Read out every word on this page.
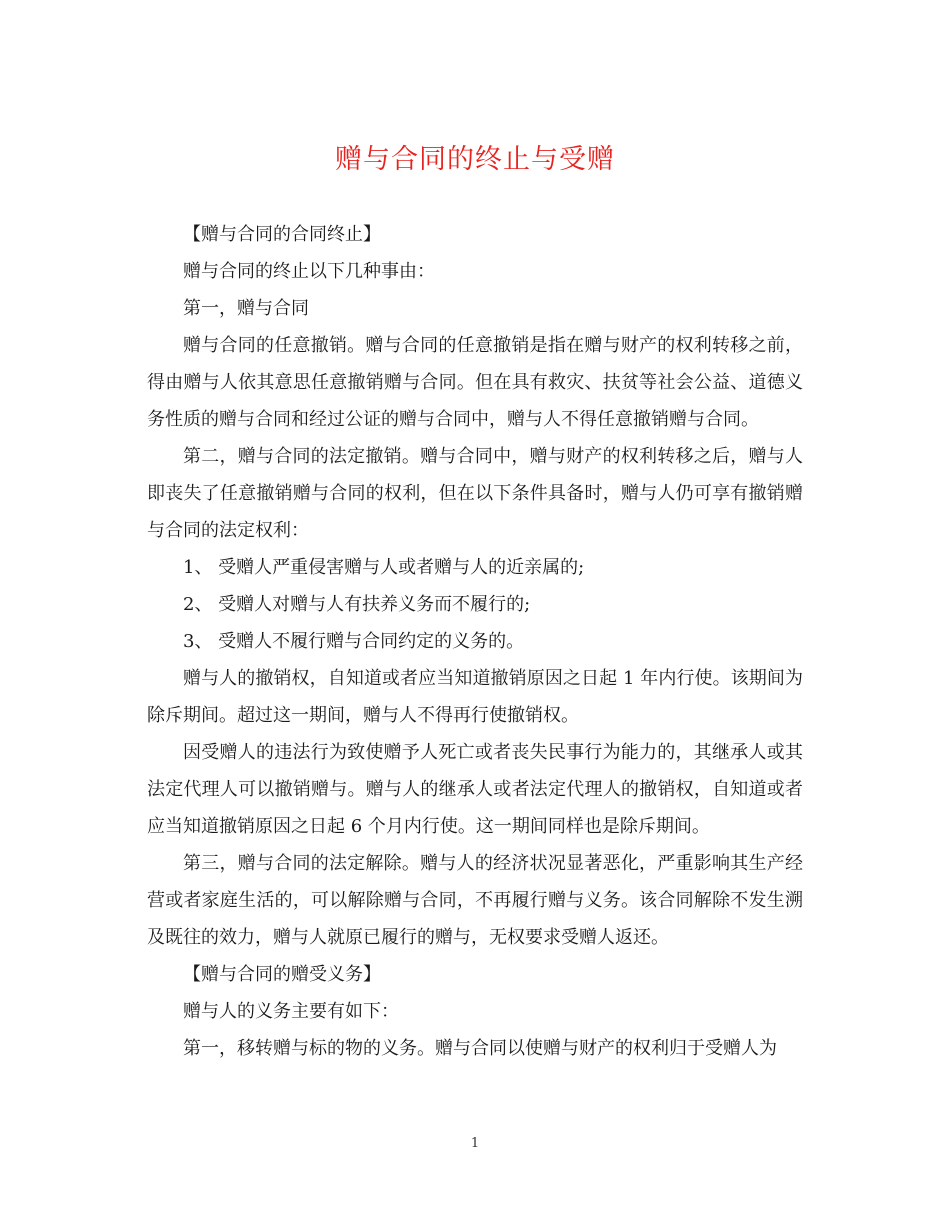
赠与合同的终止与受赠

【赠与合同的合同终止】

赠与合同的终止以下几种事由：

第一，赠与合同

赠与合同的任意撤销。赠与合同的任意撤销是指在赠与财产的权利转移之前，得由赠与人依其意思任意撤销赠与合同。但在具有救灾、扶贫等社会公益、道德义务性质的赠与合同和经过公证的赠与合同中，赠与人不得任意撤销赠与合同。

第二，赠与合同的法定撤销。赠与合同中，赠与财产的权利转移之后，赠与人即丧失了任意撤销赠与合同的权利，但在以下条件具备时，赠与人仍可享有撤销赠与合同的法定权利：

1、 受赠人严重侵害赠与人或者赠与人的近亲属的;

2、 受赠人对赠与人有扶养义务而不履行的;

3、 受赠人不履行赠与合同约定的义务的。

赠与人的撤销权，自知道或者应当知道撤销原因之日起 1 年内行使。该期间为除斥期间。超过这一期间，赠与人不得再行使撤销权。

因受赠人的违法行为致使赠予人死亡或者丧失民事行为能力的，其继承人或其法定代理人可以撤销赠与。赠与人的继承人或者法定代理人的撤销权，自知道或者应当知道撤销原因之日起 6 个月内行使。这一期间同样也是除斥期间。

第三，赠与合同的法定解除。赠与人的经济状况显著恶化，严重影响其生产经营或者家庭生活的，可以解除赠与合同，不再履行赠与义务。该合同解除不发生溯及既往的效力，赠与人就原已履行的赠与，无权要求受赠人返还。

【赠与合同的赠受义务】

赠与人的义务主要有如下：

第一，移转赠与标的物的义务。赠与合同以使赠与财产的权利归于受赠人为

1
